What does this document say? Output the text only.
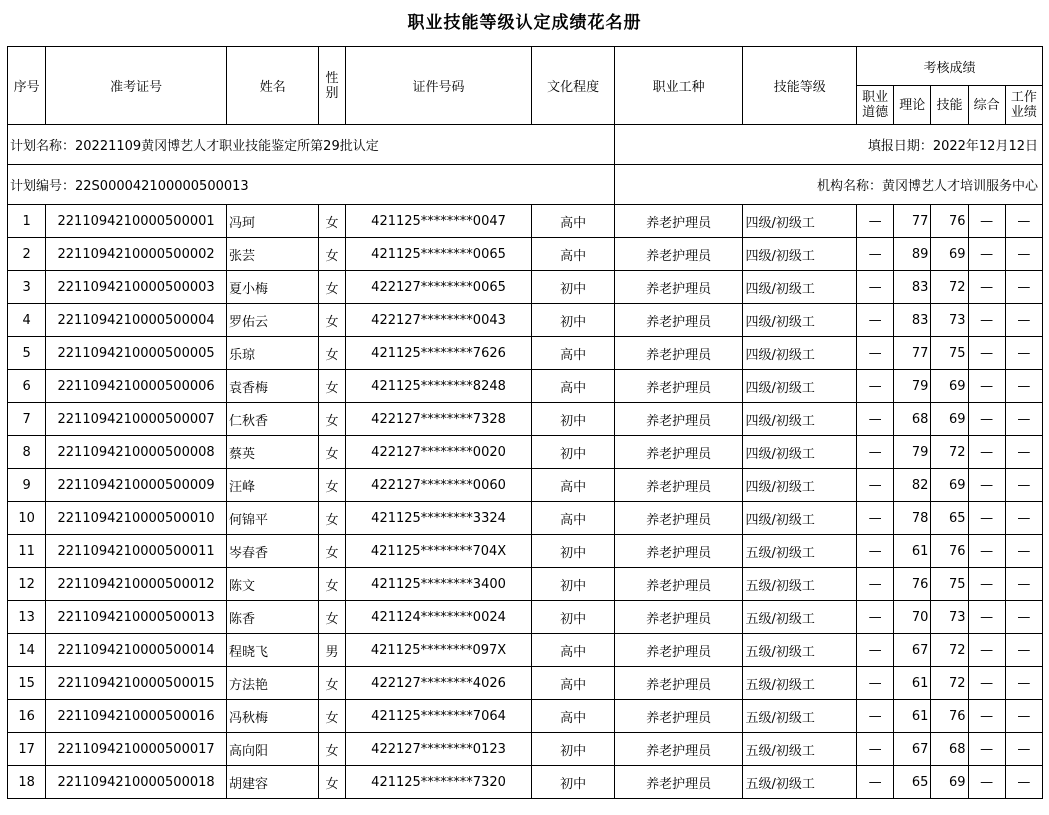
职业技能等级认定成绩花名册
计划名称：20221109黄冈博艺人才职业技能鉴定所第29批认定						填报日期：2022年12月12日						
计划编号：22S000042100000500013						机构名称：黄冈博艺人才培训服务中心						
序号	准考证号	姓名	性别	证件号码	文化程度	职业工种	技能等级	考核成绩				
								职业道德	理论	技能	综合	工作业绩
1	2211094210000500001	冯珂	女	421125********0047	高中	养老护理员	四级/初级工	—	77	76	—	—
2	2211094210000500002	张芸	女	421125********0065	高中	养老护理员	四级/初级工	—	89	69	—	—
3	2211094210000500003	夏小梅	女	422127********0065	初中	养老护理员	四级/初级工	—	83	72	—	—
4	2211094210000500004	罗佑云	女	422127********0043	初中	养老护理员	四级/初级工	—	83	73	—	—
5	2211094210000500005	乐琼	女	421125********7626	高中	养老护理员	四级/初级工	—	77	75	—	—
6	2211094210000500006	袁香梅	女	421125********8248	高中	养老护理员	四级/初级工	—	79	69	—	—
7	2211094210000500007	仁秋香	女	422127********7328	初中	养老护理员	四级/初级工	—	68	69	—	—
8	2211094210000500008	蔡英	女	422127********0020	初中	养老护理员	四级/初级工	—	79	72	—	—
9	2211094210000500009	汪峰	女	422127********0060	高中	养老护理员	四级/初级工	—	82	69	—	—
10	2211094210000500010	何锦平	女	421125********3324	高中	养老护理员	四级/初级工	—	78	65	—	—
11	2211094210000500011	岑春香	女	421125********704X	初中	养老护理员	五级/初级工	—	61	76	—	—
12	2211094210000500012	陈文	女	421125********3400	初中	养老护理员	五级/初级工	—	76	75	—	—
13	2211094210000500013	陈香	女	421124********0024	初中	养老护理员	五级/初级工	—	70	73	—	—
14	2211094210000500014	程晓飞	男	421125********097X	高中	养老护理员	五级/初级工	—	67	72	—	—
15	2211094210000500015	方法艳	女	422127********4026	高中	养老护理员	五级/初级工	—	61	72	—	—
16	2211094210000500016	冯秋梅	女	421125********7064	高中	养老护理员	五级/初级工	—	61	76	—	—
17	2211094210000500017	高向阳	女	422127********0123	初中	养老护理员	五级/初级工	—	67	68	—	—
18	2211094210000500018	胡建容	女	421125********7320	初中	养老护理员	五级/初级工	—	65	69	—	—
